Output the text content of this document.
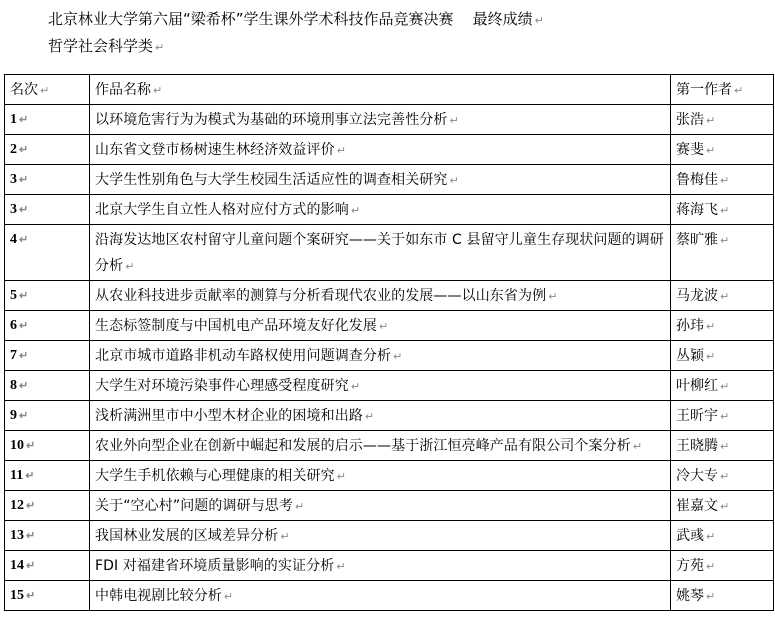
北京林业大学第六届“梁希杯”学生课外学术科技作品竞赛决赛 最终成绩 ↵
哲学社会科学类 ↵
名次 ↵	作品名称 ↵	第一作者 ↵
1 ↵	以环境危害行为为模式为基础的环境刑事立法完善性分析 ↵	张浩 ↵
2 ↵	山东省文登市杨树速生林经济效益评价 ↵	赛斐 ↵
3 ↵	大学生性别角色与大学生校园生活适应性的调查相关研究 ↵	鲁梅佳 ↵
3 ↵	北京大学生自立性人格对应付方式的影响 ↵	蒋海飞 ↵
4 ↵	沿海发达地区农村留守儿童问题个案研究——关于如东市 C 县留守儿童生存现状问题的调研分析 ↵	蔡旷雅 ↵
5 ↵	从农业科技进步贡献率的测算与分析看现代农业的发展——以山东省为例 ↵	马龙波 ↵
6 ↵	生态标签制度与中国机电产品环境友好化发展 ↵	孙玮 ↵
7 ↵	北京市城市道路非机动车路权使用问题调查分析 ↵	丛颖 ↵
8 ↵	大学生对环境污染事件心理感受程度研究 ↵	叶柳红 ↵
9 ↵	浅析满洲里市中小型木材企业的困境和出路 ↵	王昕宇 ↵
10 ↵	农业外向型企业在创新中崛起和发展的启示——基于浙江恒亮峰产品有限公司个案分析 ↵	王晓腾 ↵
11 ↵	大学生手机依赖与心理健康的相关研究 ↵	冷大专 ↵
12 ↵	关于“空心村”问题的调研与思考 ↵	崔嘉文 ↵
13 ↵	我国林业发展的区域差异分析 ↵	武彧 ↵
14 ↵	FDI 对福建省环境质量影响的实证分析 ↵	方苑 ↵
15 ↵	中韩电视剧比较分析 ↵	姚琴 ↵
